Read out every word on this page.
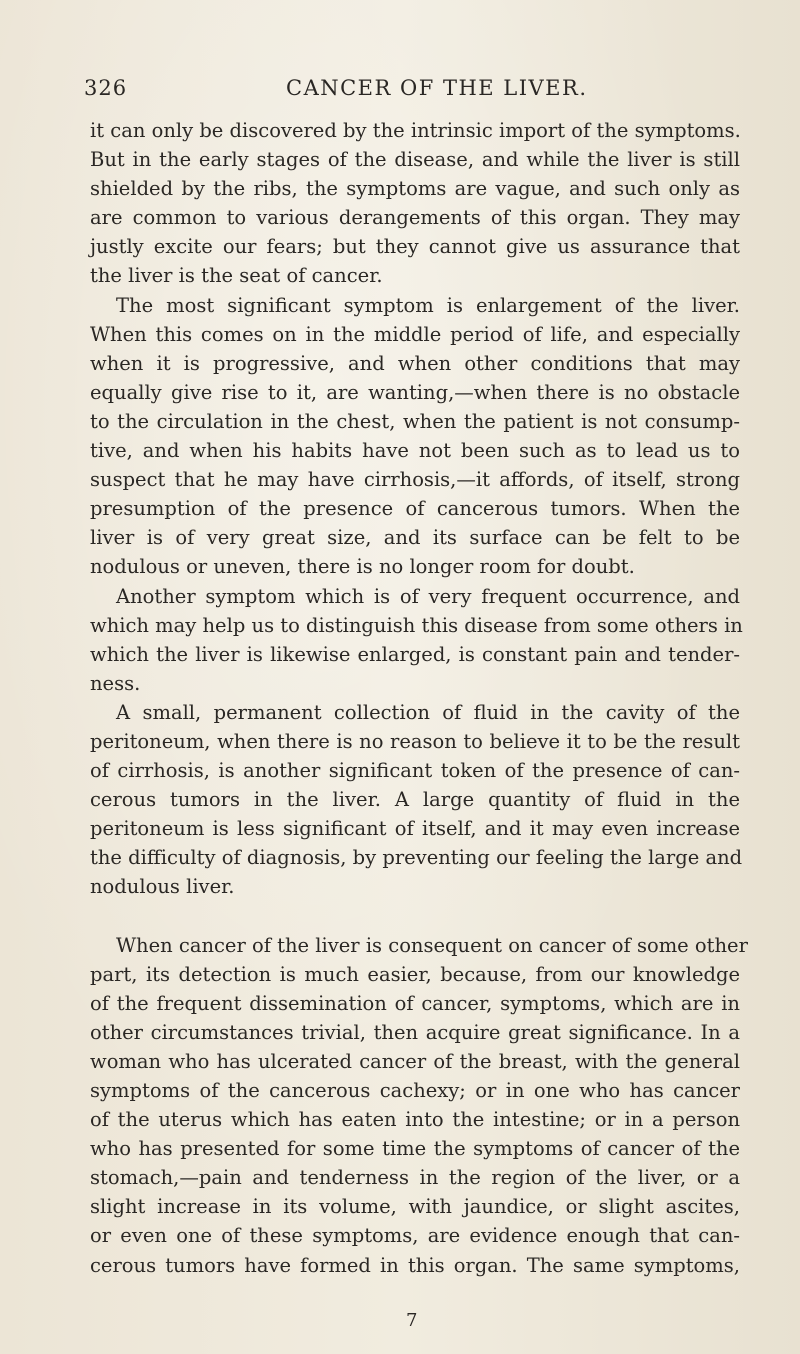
326	CANCER OF THE LIVER.
it can only be discovered by the intrinsic import of the symptoms.
But in the early stages of the disease, and while the liver is still
shielded by the ribs, the symptoms are vague, and such only as
are common to various derangements of this organ. They may
justly excite our fears; but they cannot give us assurance that
the liver is the seat of cancer.
The most significant symptom is enlargement of the liver.
When this comes on in the middle period of life, and especially
when it is progressive, and when other conditions that may
equally give rise to it, are wanting,—when there is no obstacle
to the circulation in the chest, when the patient is not consump-
tive, and when his habits have not been such as to lead us to
suspect that he may have cirrhosis,—it affords, of itself, strong
presumption of the presence of cancerous tumors. When the
liver is of very great size, and its surface can be felt to be
nodulous or uneven, there is no longer room for doubt.
Another symptom which is of very frequent occurrence, and
which may help us to distinguish this disease from some others in
which the liver is likewise enlarged, is constant pain and tender-
ness.
A small, permanent collection of fluid in the cavity of the
peritoneum, when there is no reason to believe it to be the result
of cirrhosis, is another significant token of the presence of can-
cerous tumors in the liver. A large quantity of fluid in the
peritoneum is less significant of itself, and it may even increase
the difficulty of diagnosis, by preventing our feeling the large and
nodulous liver.
When cancer of the liver is consequent on cancer of some other
part, its detection is much easier, because, from our knowledge
of the frequent dissemination of cancer, symptoms, which are in
other circumstances trivial, then acquire great significance. In a
woman who has ulcerated cancer of the breast, with the general
symptoms of the cancerous cachexy; or in one who has cancer
of the uterus which has eaten into the intestine; or in a person
who has presented for some time the symptoms of cancer of the
stomach,—pain and tenderness in the region of the liver, or a
slight increase in its volume, with jaundice, or slight ascites,
or even one of these symptoms, are evidence enough that can-
cerous tumors have formed in this organ. The same symptoms,
7
